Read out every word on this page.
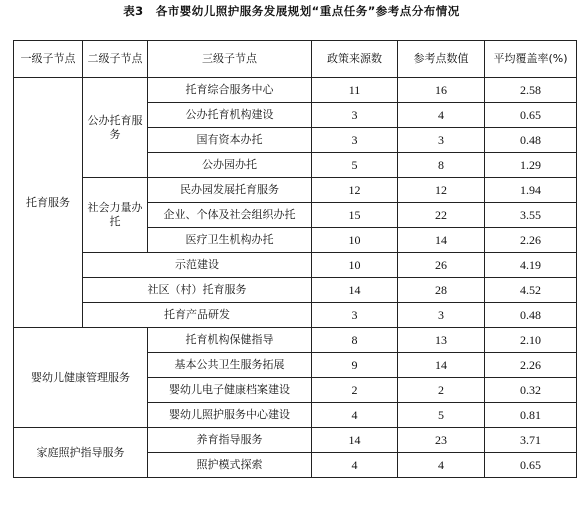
表3　各市婴幼儿照护服务发展规划“重点任务”参考点分布情况
一级子节点	二级子节点	三级子节点	政策来源数	参考点数值	平均覆盖率(%)
托育服务	公办托育服务	托育综合服务中心	11	16	2.58
		公办托育机构建设	3	4	0.65
		国有资本办托	3	3	0.48
		公办园办托	5	8	1.29
	社会力量办托	民办园发展托育服务	12	12	1.94
		企业、个体及社会组织办托	15	22	3.55
		医疗卫生机构办托	10	14	2.26
	示范建设		10	26	4.19
	社区（村）托育服务		14	28	4.52
	托育产品研发		3	3	0.48
婴幼儿健康管理服务		托育机构保健指导	8	13	2.10
		基本公共卫生服务拓展	9	14	2.26
		婴幼儿电子健康档案建设	2	2	0.32
		婴幼儿照护服务中心建设	4	5	0.81
家庭照护指导服务		养育指导服务	14	23	3.71
		照护模式探索	4	4	0.65
